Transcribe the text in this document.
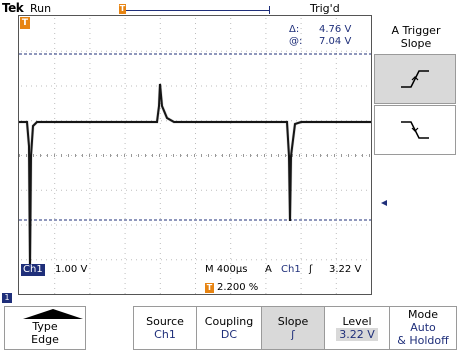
Tek Run	T	Trig'd
T
Δ: 4.76 V
@: 7.04 V
Ch1 1.00 V	M 400µs A Ch1 ʃ 3.22 V
T 2.200 %
1
A Trigger
Slope
Type
Edge
Source
Ch1
Coupling
DC
Slope
ʃ
Level
3.22 V
Mode
Auto
& Holdoff
